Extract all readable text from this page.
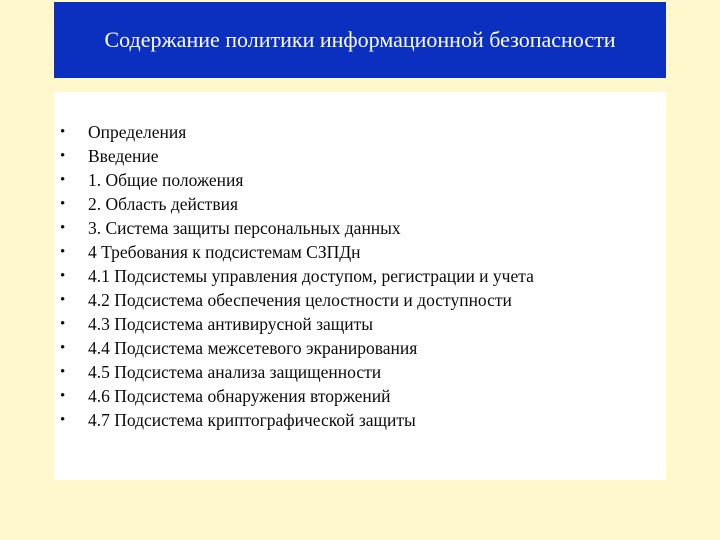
Содержание политики информационной безопасности
• Определения
• Введение
• 1. Общие положения
• 2. Область действия
• 3. Система защиты персональных данных
• 4 Требования к подсистемам СЗПДн
• 4.1 Подсистемы управления доступом, регистрации и учета
• 4.2 Подсистема обеспечения целостности и доступности
• 4.3 Подсистема антивирусной защиты
• 4.4 Подсистема межсетевого экранирования
• 4.5 Подсистема анализа защищенности
• 4.6 Подсистема обнаружения вторжений
• 4.7 Подсистема криптографической защиты
